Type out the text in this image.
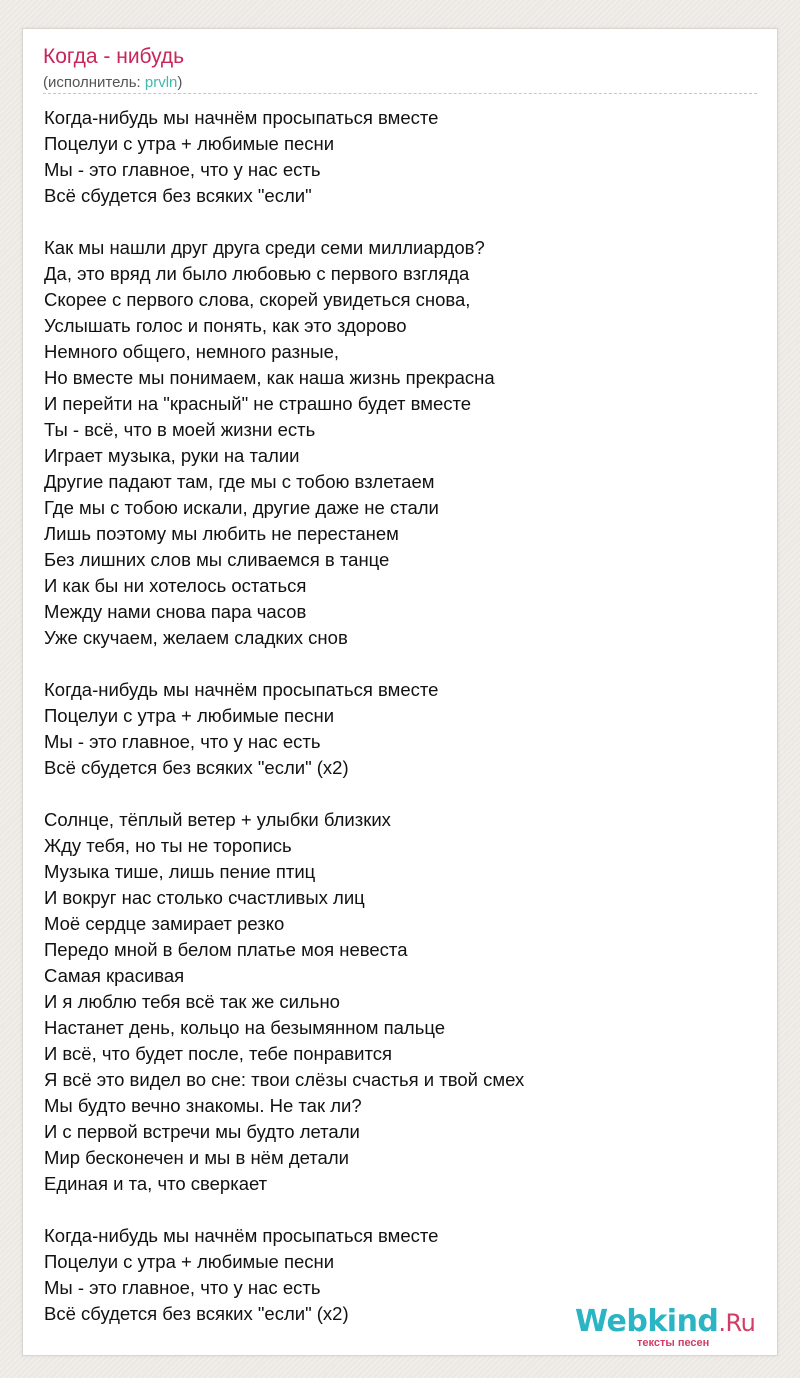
Когда - нибудь
(исполнитель: prvln)
Когда-нибудь мы начнём просыпаться вместе
Поцелуи с утра + любимые песни
Мы - это главное, что у нас есть
Всё сбудется без всяких "если"
Как мы нашли друг друга среди семи миллиардов?
Да, это вряд ли было любовью с первого взгляда
Скорее с первого слова, скорей увидеться снова,
Услышать голос и понять, как это здорово
Немного общего, немного разные,
Но вместе мы понимаем, как наша жизнь прекрасна
И перейти на "красный" не страшно будет вместе
Ты - всё, что в моей жизни есть
Играет музыка, руки на талии
Другие падают там, где мы с тобою взлетаем
Где мы с тобою искали, другие даже не стали
Лишь поэтому мы любить не перестанем
Без лишних слов мы сливаемся в танце
И как бы ни хотелось остаться
Между нами снова пара часов
Уже скучаем, желаем сладких снов
Когда-нибудь мы начнём просыпаться вместе
Поцелуи с утра + любимые песни
Мы - это главное, что у нас есть
Всё сбудется без всяких "если" (x2)
Солнце, тёплый ветер + улыбки близких
Жду тебя, но ты не торопись
Музыка тише, лишь пение птиц
И вокруг нас столько счастливых лиц
Моё сердце замирает резко
Передо мной в белом платье моя невеста
Самая красивая
И я люблю тебя всё так же сильно
Настанет день, кольцо на безымянном пальце
И всё, что будет после, тебе понравится
Я всё это видел во сне: твои слёзы счастья и твой смех
Мы будто вечно знакомы. Не так ли?
И с первой встречи мы будто летали
Мир бесконечен и мы в нём детали
Единая и та, что сверкает
Когда-нибудь мы начнём просыпаться вместе
Поцелуи с утра + любимые песни
Мы - это главное, что у нас есть
Всё сбудется без всяких "если" (x2)	Webkind.Ru
тексты песен
